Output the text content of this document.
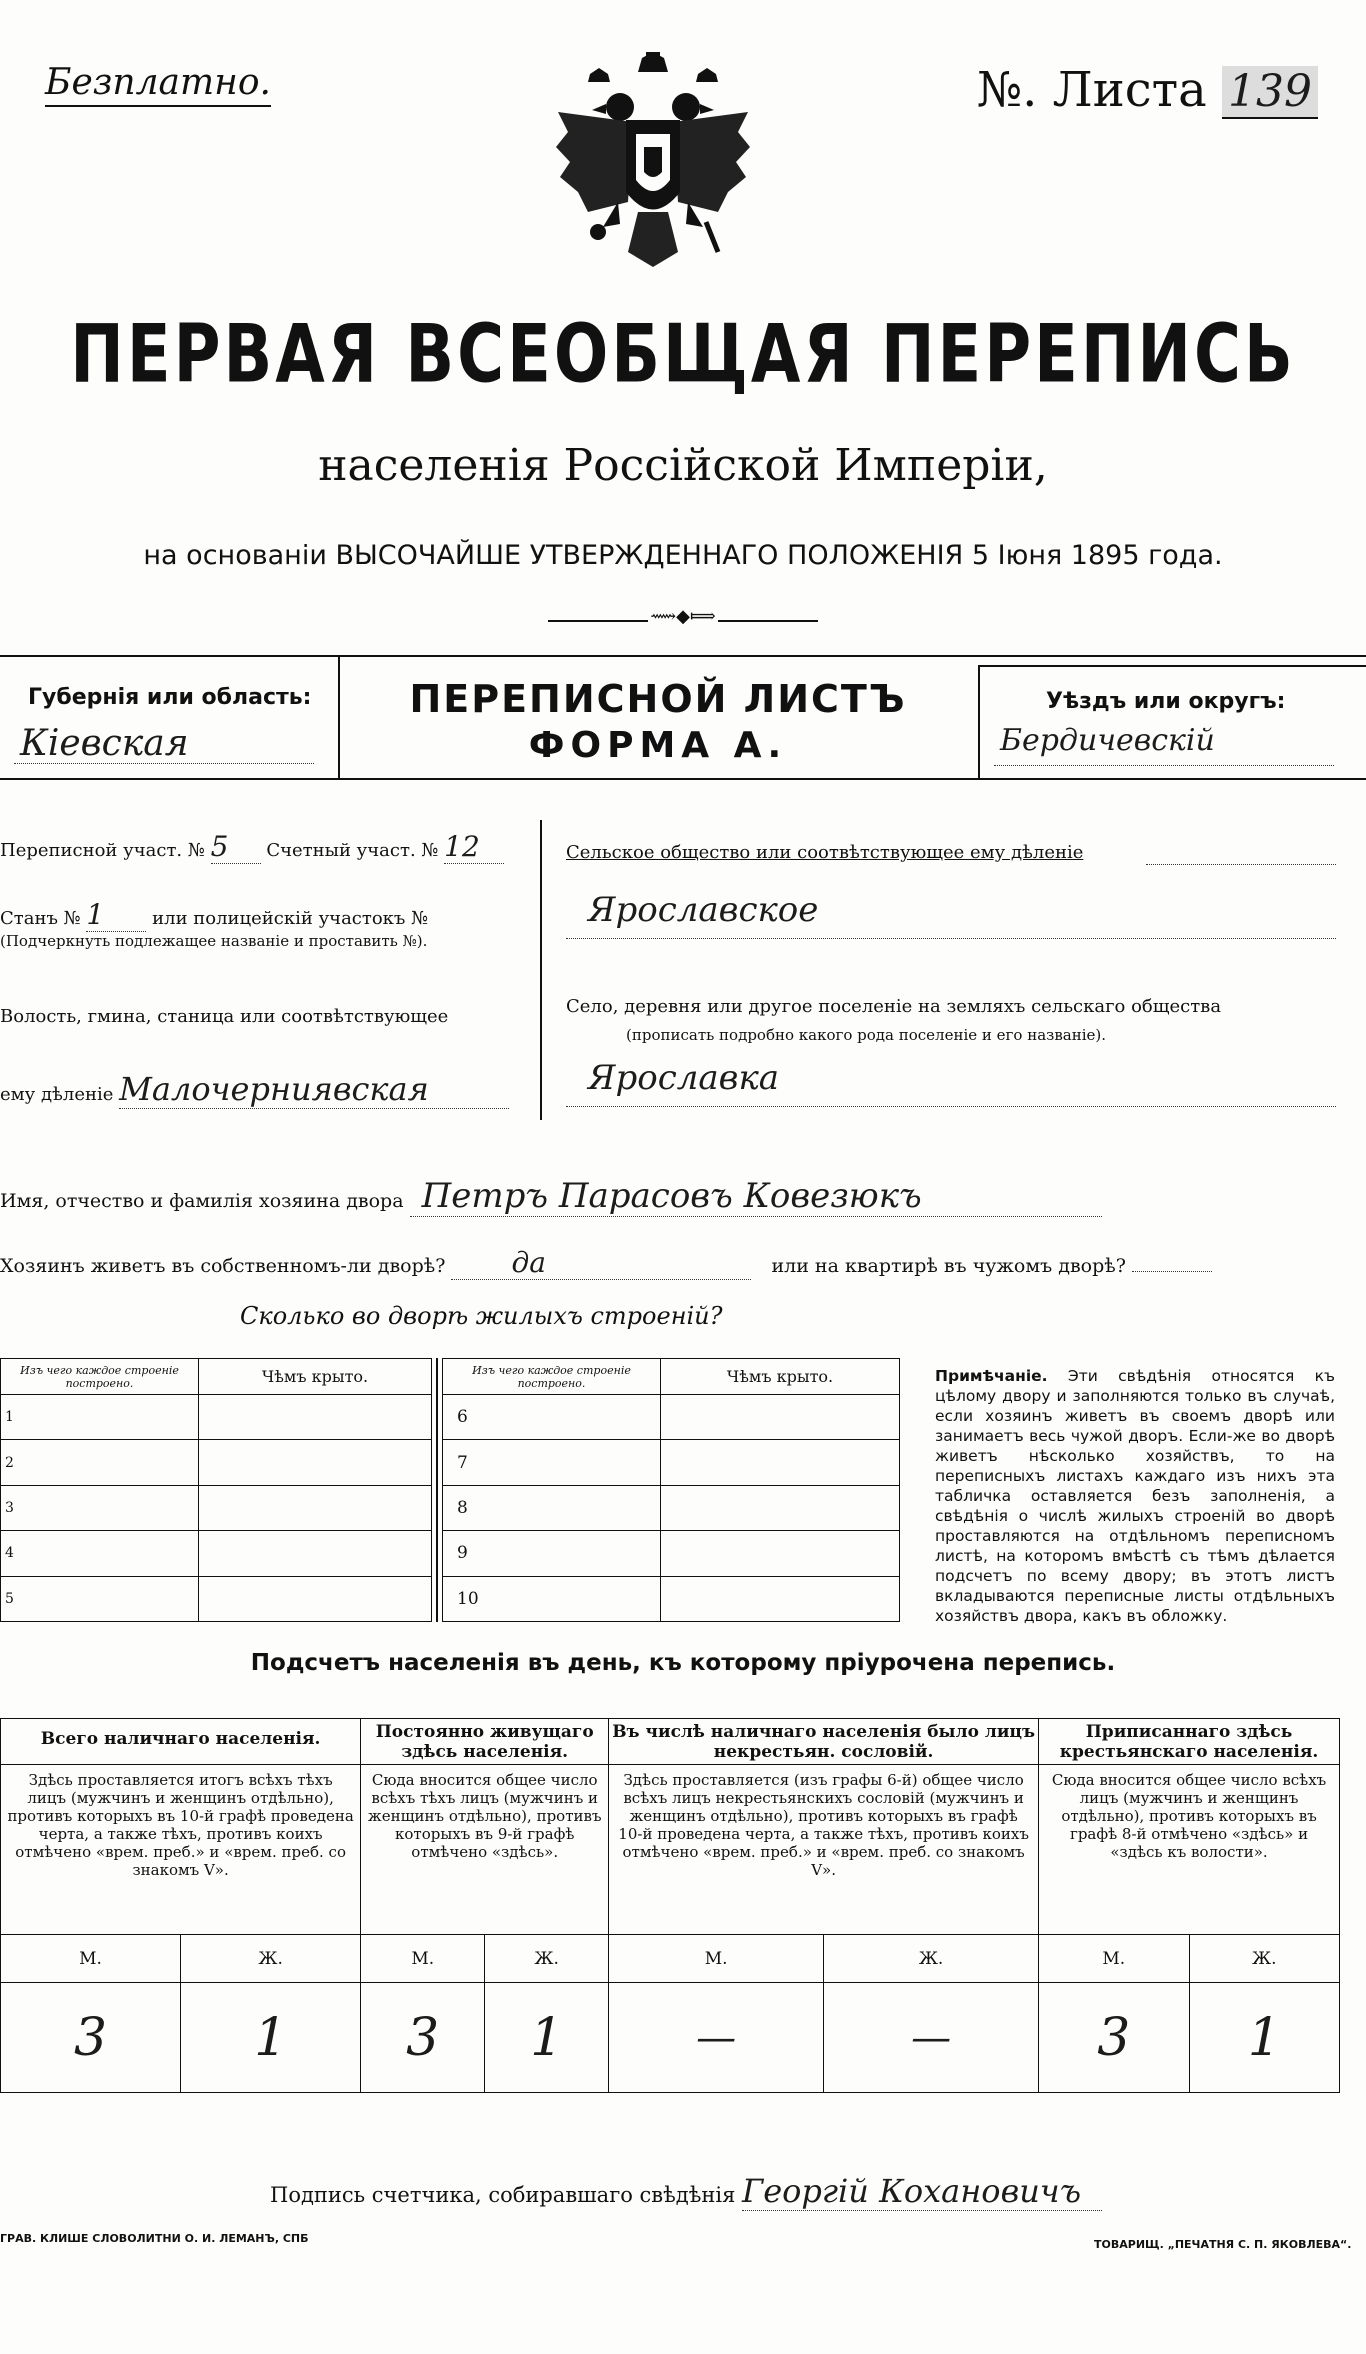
Безплатно.	№. Листа 139
ПЕРВАЯ ВСЕОБЩАЯ ПЕРЕПИСЬ
населенія Россійской Имперіи,
на основаніи ВЫСОЧАЙШЕ УТВЕРЖДЕННАГО ПОЛОЖЕНІЯ 5 Іюня 1895 года.
⟿◆⟾
Губернія или область:
Кіевская
ПЕРЕПИСНОЙ ЛИСТЪ
ФОРМА А.
Уѣздъ или округъ:
Бердичевскій
Переписной участ. № 5 Счетный участ. № 12
Станъ № 1	или полицейскій участокъ №
(Подчеркнуть подлежащее названіе и проставить №).
Волость, гмина, станица или соотвѣтствующее
ему дѣленіе Малочерниявская
Сельское общество или соотвѣтствующее ему дѣленіе
Ярославское
Село, деревня или другое поселеніе на земляхъ сельскаго общества
(прописать подробно какого рода поселеніе и его названіе).
Ярославка
Имя, отчество и фамилія хозяина двора Петръ Парасовъ Ковезюкъ
Хозяинъ живетъ въ собственномъ-ли дворѣ? да	или на квартирѣ въ чужомъ дворѣ?
Сколько во дворѣ жилыхъ строеній?
Изъ чего каждое строеніе построено.	Чѣмъ крыто.
1	
2	
3	
4	
5	
Изъ чего каждое строеніе построено.	Чѣмъ крыто.
6	
7	
8	
9	
10	
Примѣчаніе. Эти свѣдѣнія относятся къ цѣлому двору и заполняются только въ случаѣ, если хозяинъ живетъ въ своемъ дворѣ или занимаетъ весь чужой дворъ. Если-же во дворѣ живетъ нѣсколько хозяйствъ, то на переписныхъ листахъ каждаго изъ нихъ эта табличка оставляется безъ заполненія, а свѣдѣнія о числѣ жилыхъ строеній во дворѣ проставляются на отдѣльномъ переписномъ листѣ, на которомъ вмѣстѣ съ тѣмъ дѣлается подсчетъ по всему двору; въ этотъ листъ вкладываются переписные листы отдѣльныхъ хозяйствъ двора, какъ въ обложку.
Подсчетъ населенія въ день, къ которому пріурочена перепись.
Всего наличнаго населенія.		Постоянно живущаго здѣсь населенія.		Въ числѣ наличнаго населенія было лицъ некрестьян. сословій.		Приписаннаго здѣсь крестьянскаго населенія.	
Здѣсь проставляется итогъ всѣхъ тѣхъ лицъ (мужчинъ и женщинъ отдѣльно), противъ которыхъ въ 10-й графѣ проведена черта, а также тѣхъ, противъ коихъ отмѣчено «врем. преб.» и «врем. преб. со знакомъ V».		Сюда вносится общее число всѣхъ тѣхъ лицъ (мужчинъ и женщинъ отдѣльно), противъ которыхъ въ 9-й графѣ отмѣчено «здѣсь».		Здѣсь проставляется (изъ графы 6-й) общее число всѣхъ лицъ некрестьянскихъ сословій (мужчинъ и женщинъ отдѣльно), противъ которыхъ въ графѣ 10-й проведена черта, а также тѣхъ, противъ коихъ отмѣчено «врем. преб.» и «врем. преб. со знакомъ V».		Сюда вносится общее число всѣхъ лицъ (мужчинъ и женщинъ отдѣльно), противъ которыхъ въ графѣ 8-й отмѣчено «здѣсь» и «здѣсь къ волости».	
М.	Ж.	М.	Ж.	М.	Ж.	М.	Ж.
3	1	3	1	—	—	3	1
Подпись счетчика, собиравшаго свѣдѣнія Георгій Кохановичъ
ГРАВ. КЛИШЕ СЛОВОЛИТНИ О. И. ЛЕМАНЪ, СПБ	ТОВАРИЩ. „ПЕЧАТНЯ С. П. ЯКОВЛЕВА“.
